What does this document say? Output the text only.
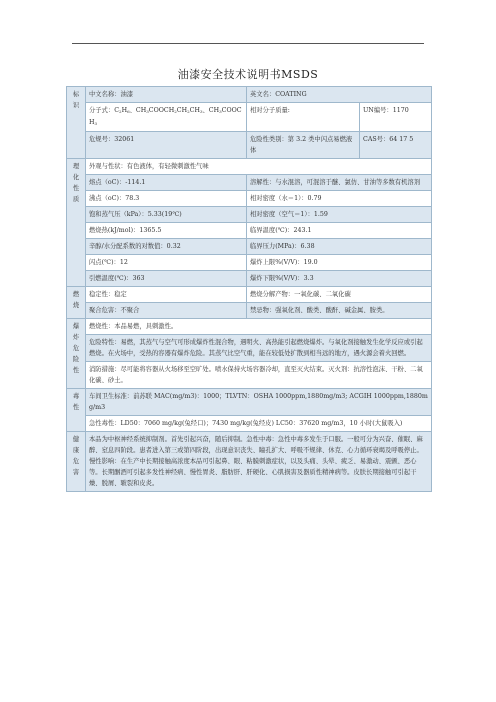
油漆安全技术说明书MSDS
标识	中文名称：油漆	英文名：COATING	
	分子式：$C_2H_6$、$CH_3COOCH_2CH_2CH_3$、$CH_3COOCH_3$	相对分子质量:	UN编号：1170
	危规号：32061	危险性类别：第 3.2 类中闪点易燃液体	CAS号：64 17 5
理化性质	外观与性状：有色液体，有轻微刺激性气味		
	熔点（oC)：-114.1	溶解性：与水混溶，可混溶于醚、氯仿、甘油等多数有机溶剂	
	沸点（oC)：78.3	相对密度（水＝1）：0.79	
	饱和蒸气压（kPa）：5.33(19℃)	相对密度（空气＝1）：1.59	
	燃烧热(kJ/mol)：1365.5	临界温度(℃)：243.1	
	辛醇/水分配系数的对数值：0.32	临界压力(MPa)：6.38	
	闪点(℃)：12	爆炸上限%(V/V)：19.0	
	引燃温度(℃)：363	爆炸下限%(V/V)：3.3	
燃烧	稳定性：稳定	燃烧分解产物：一氧化碳、二氧化碳	
	聚合危害：不聚合	禁忌物：强氧化剂、酸类、酸酐、碱金属、胺类。	
爆炸危险性	燃烧性：本品易燃，具刺激性。		
	危险特性：易燃，其蒸气与空气可形成爆炸性混合物，遇明火、高热能引起燃烧爆炸。与氧化剂接触发生化学反应或引起燃烧。在火场中，受热的容器有爆炸危险。其蒸气比空气重，能在较低处扩散到相当远的地方，遇火源会着火回燃。		
	消防措施：尽可能将容器从火场移至空旷处。喷水保持火场容器冷却，直至灭火结束。灭火剂：抗溶性泡沫、干粉、二氧化碳、砂土。		
毒性	车间卫生标准：前苏联 MAC(mg/m3)：1000；TLVTN：OSHA 1000ppm,1880mg/m3; ACGIH 1000ppm,1880mg/m3		
	急性毒性：LD50：7060 mg/kg(兔经口)；7430 mg/kg(兔经皮) LC50：37620 mg/m3，10 小时(大鼠吸入)		
健康危害	本品为中枢神经系统抑制剂。首先引起兴奋，随后抑制。急性中毒：急性中毒多发生于口服。一般可分为兴奋、催眠、麻醉、窒息四阶段。患者进入第三或第四阶段，出现意识丧失、瞳孔扩大、呼吸不规律、休克、心力循环衰竭及呼吸停止。慢性影响：在生产中长期接触高浓度本品可引起鼻、眼、粘膜刺激症状，以及头痛、头晕、疲乏、易激动、震颤、恶心等。长期酗酒可引起多发性神经病、慢性胃炎、脂肪肝、肝硬化、心肌损害及器质性精神病等。皮肤长期接触可引起干燥、脱屑、皲裂和皮炎。		
